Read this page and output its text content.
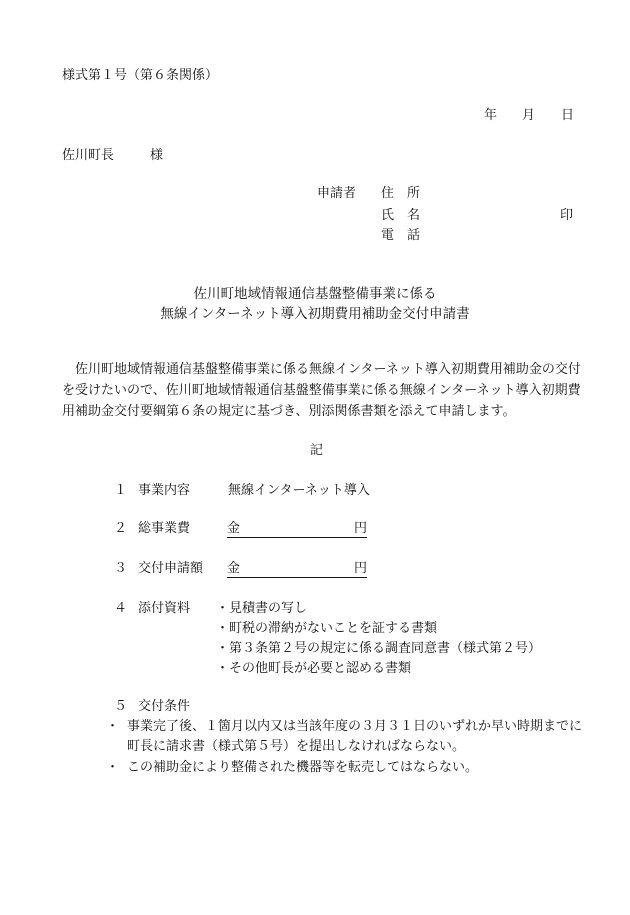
様式第１号（第６条関係）
年 月 日
佐川町長	様
申請者 住　所
氏　名	印
電　話
佐川町地域情報通信基盤整備事業に係る
無線インターネット導入初期費用補助金交付申請書

佐川町地域情報通信基盤整備事業に係る無線インターネット導入初期費用補助金の交付

を受けたいので、佐川町地域情報通信基盤整備事業に係る無線インターネット導入初期費

用補助金交付要綱第６条の規定に基づき、別添関係書類を添えて申請します。

記
１ 事業内容	無線インターネット導入
２ 総事業費	金	円
３ 交付申請額 金	円
４ 添付資料 ・見積書の写し
・町税の滞納がないことを証する書類
・第３条第２号の規定に係る調査同意書（様式第２号）
・その他町長が必要と認める書類
５ 交付条件
・ 事業完了後、１箇月以内又は当該年度の３月３１日のいずれか早い時期までに
町長に請求書（様式第５号）を提出しなければならない。
・ この補助金により整備された機器等を転売してはならない。
